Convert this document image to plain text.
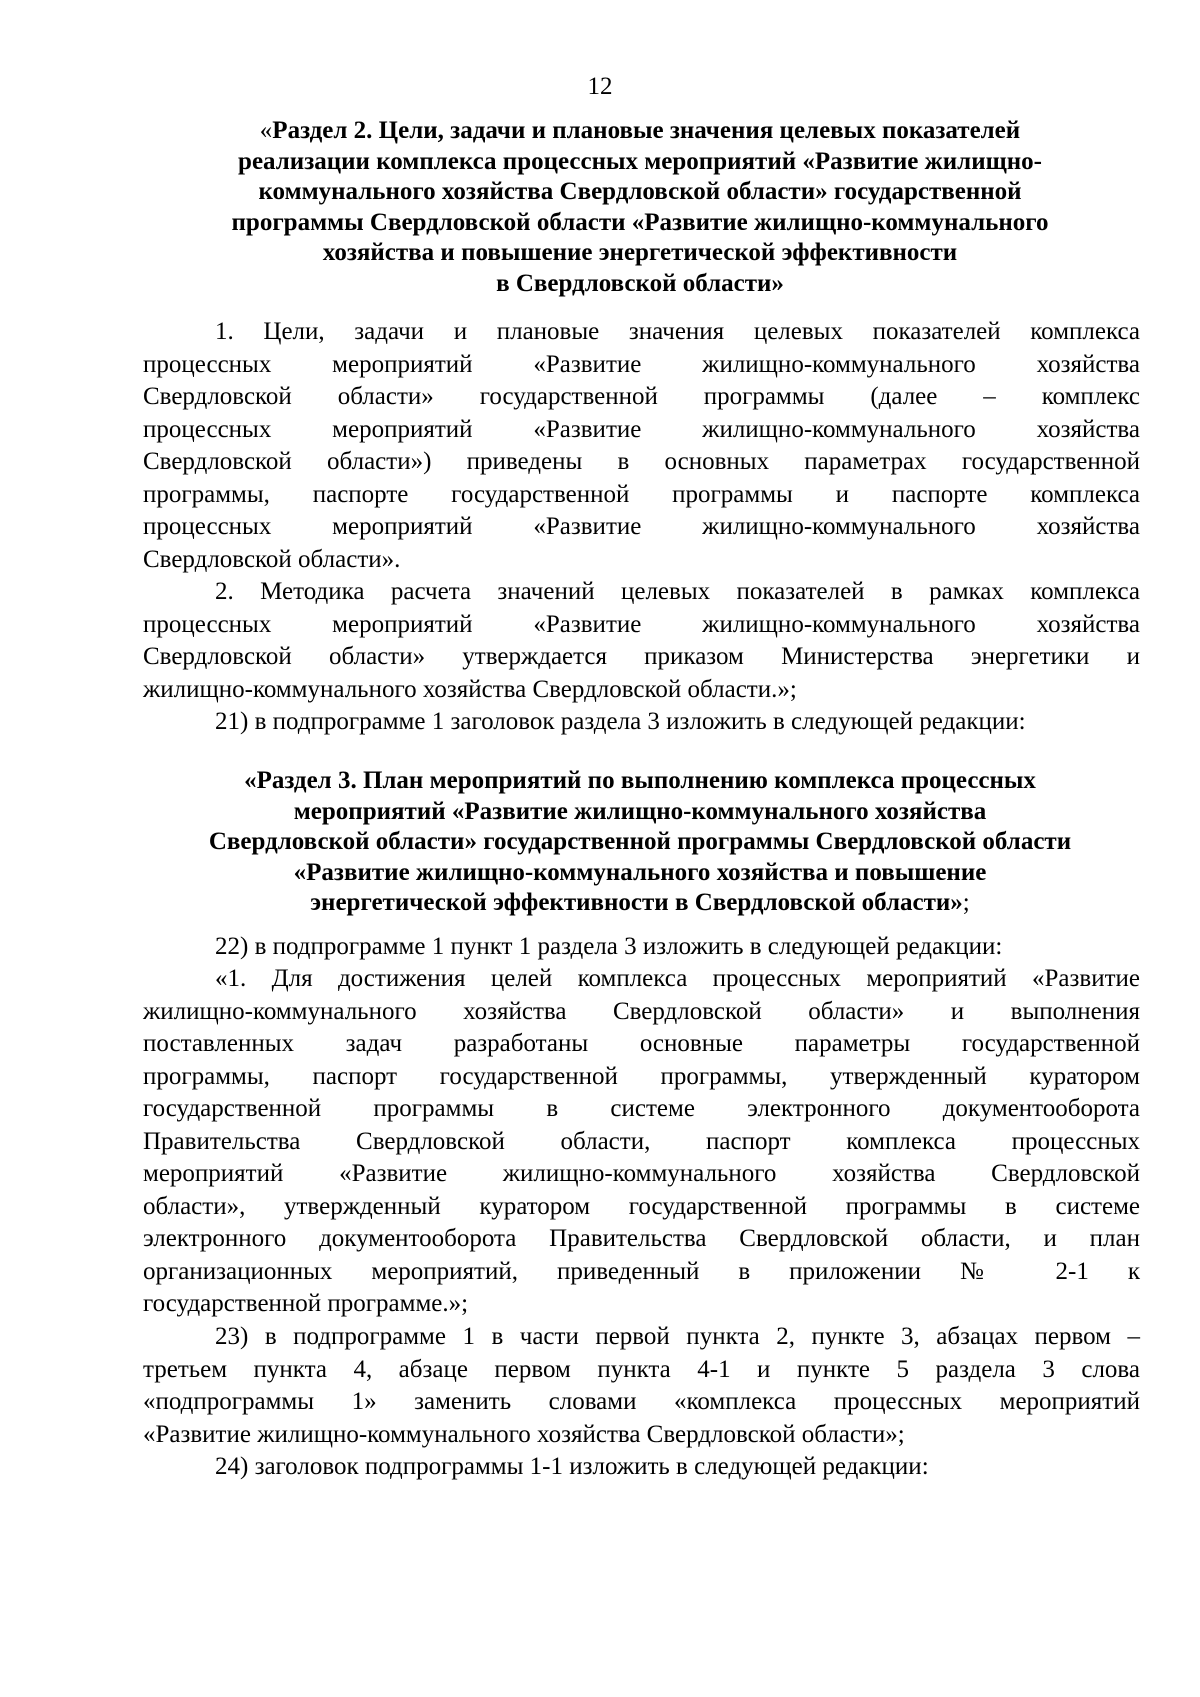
12
«Раздел 2. Цели, задачи и плановые значения целевых показателей
реализации комплекса процессных мероприятий «Развитие жилищно-
коммунального хозяйства Свердловской области» государственной
программы Свердловской области «Развитие жилищно-коммунального
хозяйства и повышение энергетической эффективности
в Свердловской области»
1. Цели, задачи и плановые значения целевых показателей комплекса
процессных мероприятий «Развитие жилищно-коммунального хозяйства
Свердловской области» государственной программы (далее – комплекс
процессных мероприятий «Развитие жилищно-коммунального хозяйства
Свердловской области») приведены в основных параметрах государственной
программы, паспорте государственной программы и паспорте комплекса
процессных мероприятий «Развитие жилищно-коммунального хозяйства
Свердловской области».
2. Методика расчета значений целевых показателей в рамках комплекса
процессных мероприятий «Развитие жилищно-коммунального хозяйства
Свердловской области» утверждается приказом Министерства энергетики и
жилищно-коммунального хозяйства Свердловской области.»;
21) в подпрограмме 1 заголовок раздела 3 изложить в следующей редакции:
«Раздел 3. План мероприятий по выполнению комплекса процессных
мероприятий «Развитие жилищно-коммунального хозяйства
Свердловской области» государственной программы Свердловской области
«Развитие жилищно-коммунального хозяйства и повышение
энергетической эффективности в Свердловской области»;
22) в подпрограмме 1 пункт 1 раздела 3 изложить в следующей редакции:
«1. Для достижения целей комплекса процессных мероприятий «Развитие
жилищно-коммунального хозяйства Свердловской области» и выполнения
поставленных задач разработаны основные параметры государственной
программы, паспорт государственной программы, утвержденный куратором
государственной программы в системе электронного документооборота
Правительства Свердловской области, паспорт комплекса процессных
мероприятий «Развитие жилищно-коммунального хозяйства Свердловской
области», утвержденный куратором государственной программы в системе
электронного документооборота Правительства Свердловской области, и план
организационных мероприятий, приведенный в приложении № 2-1 к
государственной программе.»;
23) в подпрограмме 1 в части первой пункта 2, пункте 3, абзацах первом –
третьем пункта 4, абзаце первом пункта 4-1 и пункте 5 раздела 3 слова
«подпрограммы 1» заменить словами «комплекса процессных мероприятий
«Развитие жилищно-коммунального хозяйства Свердловской области»;
24) заголовок подпрограммы 1-1 изложить в следующей редакции:
